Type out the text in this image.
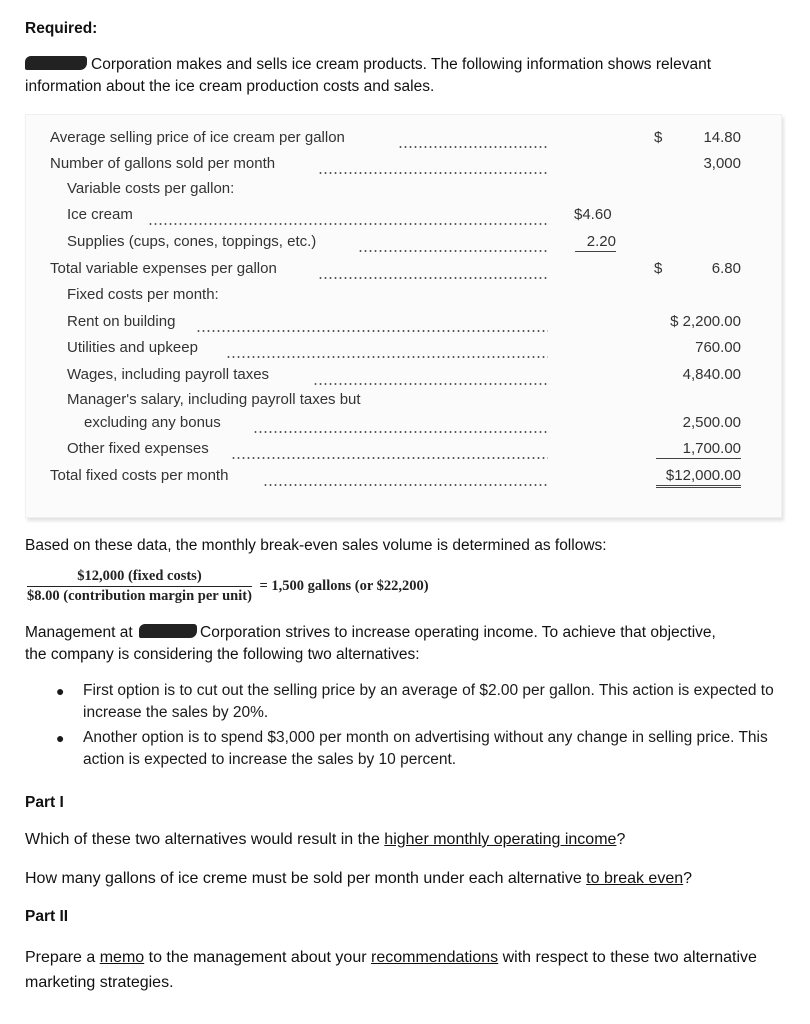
Required:
Corporation makes and sells ice cream products. The following information shows relevant
information about the ice cream production costs and sales.
Average selling price of ice cream per gallon	$	14.80
Number of gallons sold per month	3,000
Variable costs per gallon:
Ice cream	$4.60
Supplies (cups, cones, toppings, etc.)	2.20
Total variable expenses per gallon	$	6.80
Fixed costs per month:
Rent on building	$ 2,200.00
Utilities and upkeep	760.00
Wages, including payroll taxes	4,840.00
Manager's salary, including payroll taxes but
excluding any bonus	2,500.00
Other fixed expenses	1,700.00
Total fixed costs per month	$12,000.00
Based on these data, the monthly break-even sales volume is determined as follows:
$\frac{\text{\$12,000 (fixed costs)}}{\text{\$8.00 (contribution margin per unit)}} = 1,500$ gallons (or $22,200)
Management at	Corporation strives to increase operating income. To achieve that objective,
the company is considering the following two alternatives:
● First option is to cut out the selling price by an average of $2.00 per gallon. This action is expected to increase the sales by 20%.
● Another option is to spend $3,000 per month on advertising without any change in selling price. This action is expected to increase the sales by 10 percent.
Part I
Which of these two alternatives would result in the higher monthly operating income?
How many gallons of ice creme must be sold per month under each alternative to break even?
Part II
Prepare a memo to the management about your recommendations with respect to these two alternative marketing strategies.
